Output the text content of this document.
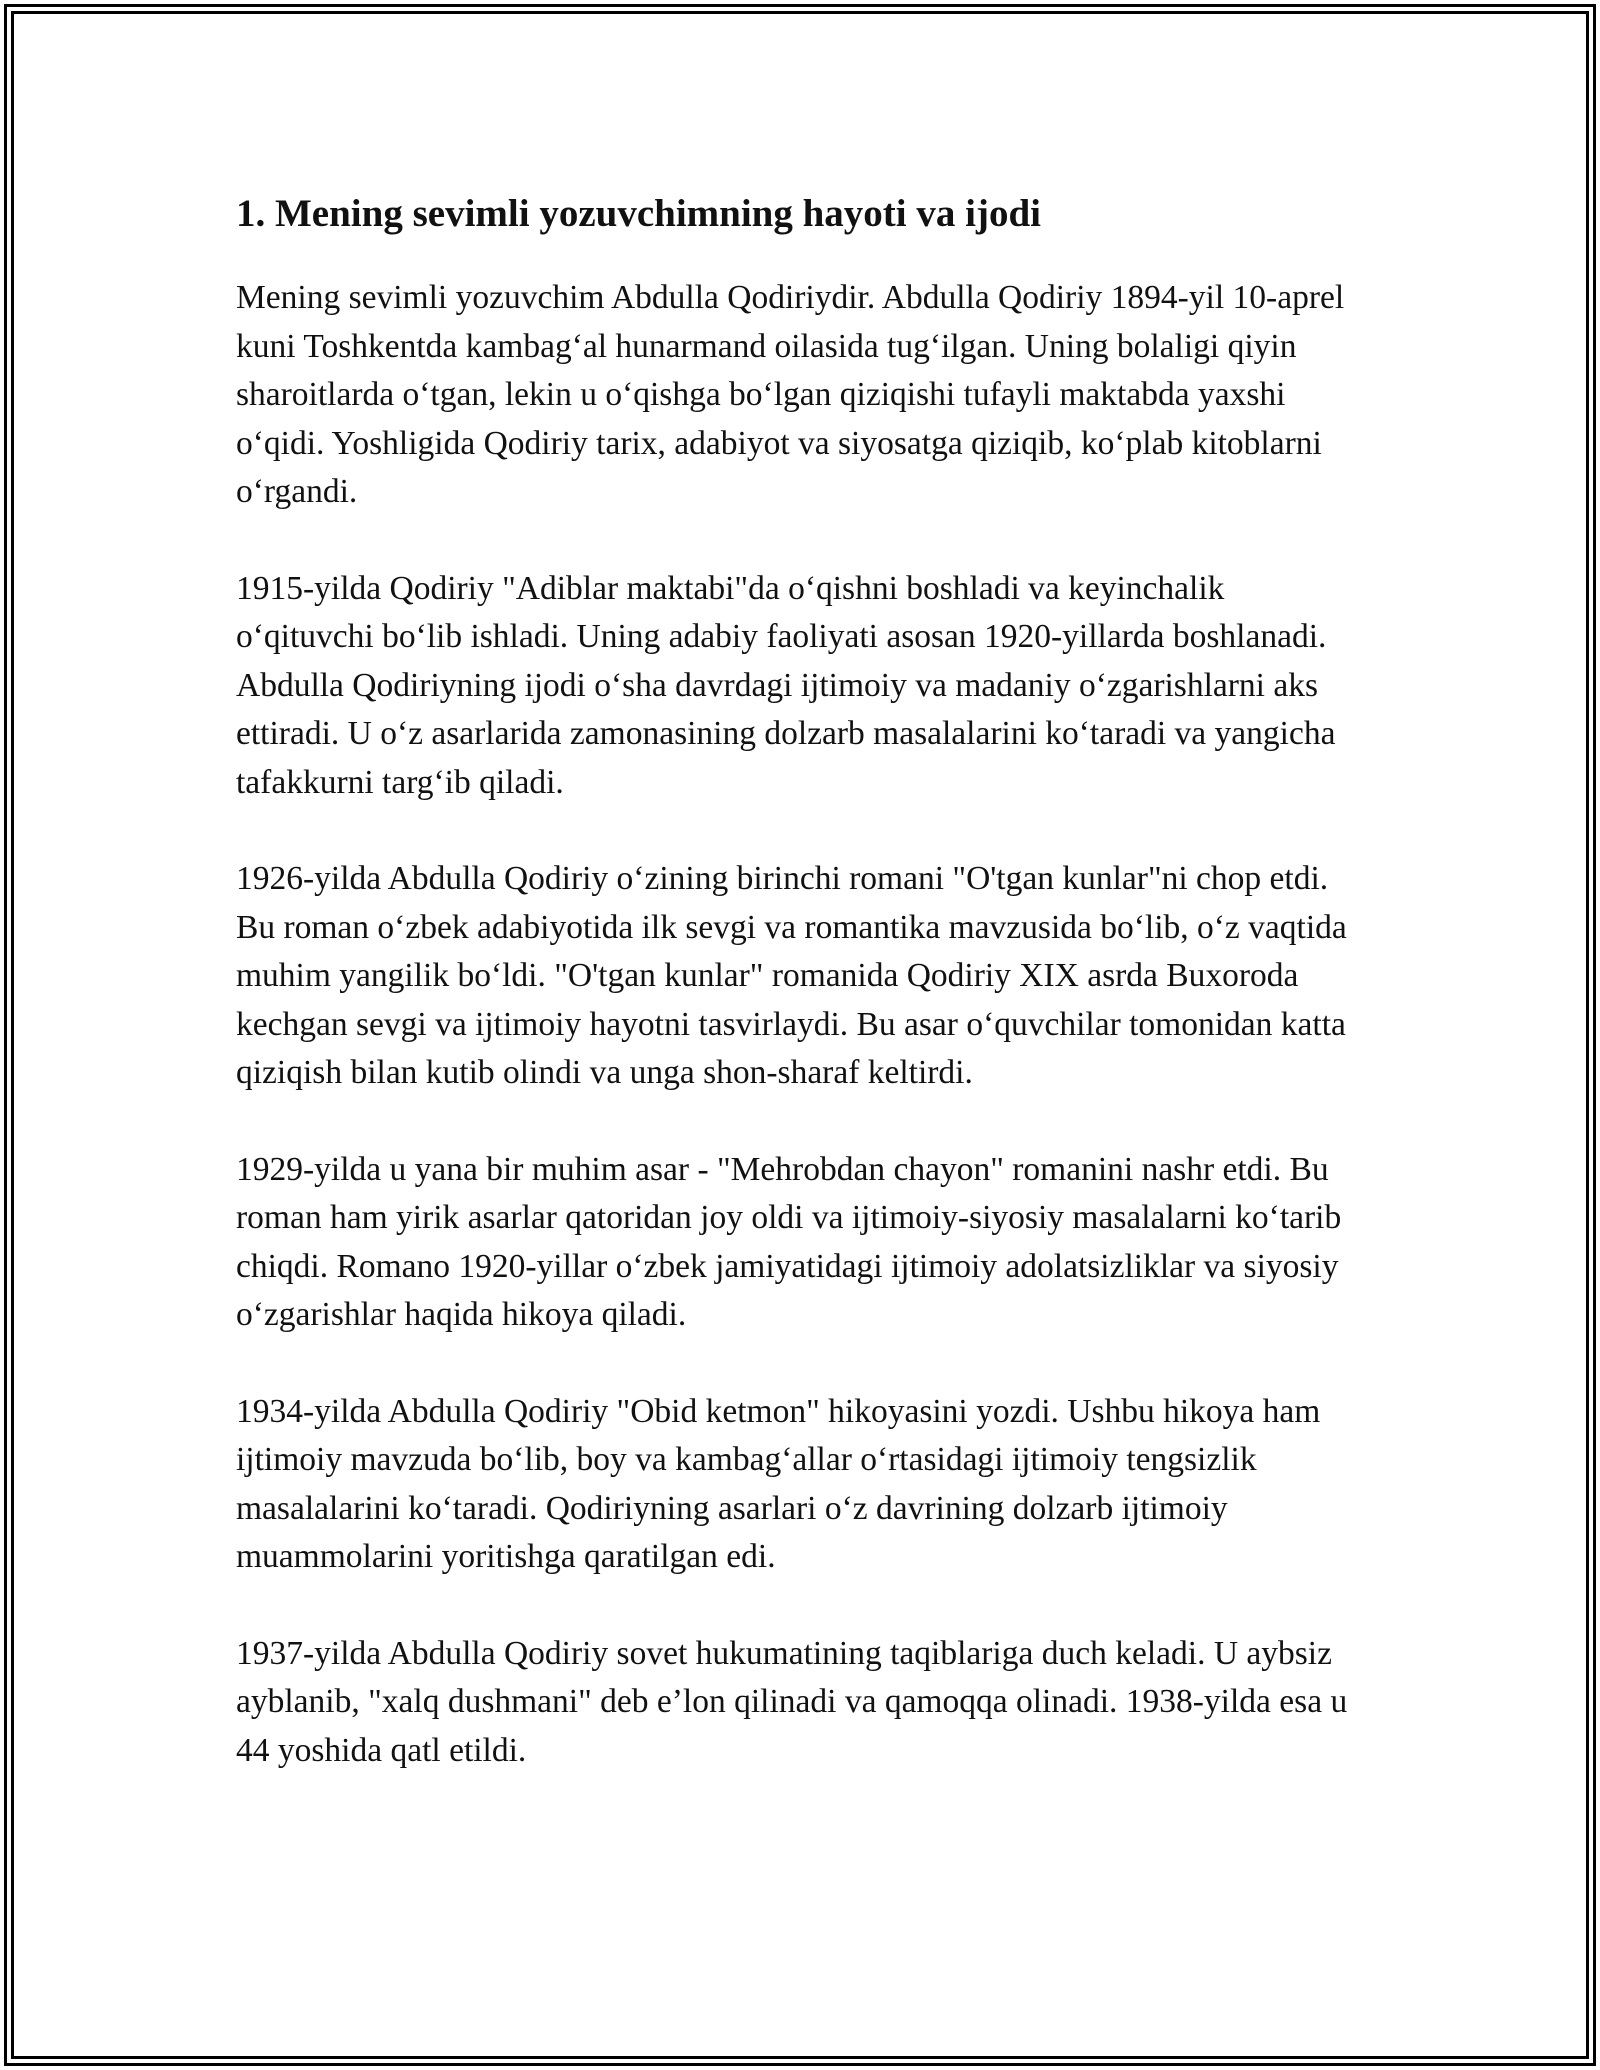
1. Mening sevimli yozuvchimning hayoti va ijodi

Mening sevimli yozuvchim Abdulla Qodiriydir. Abdulla Qodiriy 1894-yil 10-aprel kuni Toshkentda kambag‘al hunarmand oilasida tug‘ilgan. Uning bolaligi qiyin sharoitlarda o‘tgan, lekin u o‘qishga bo‘lgan qiziqishi tufayli maktabda yaxshi o‘qidi. Yoshligida Qodiriy tarix, adabiyot va siyosatga qiziqib, ko‘plab kitoblarni o‘rgandi.

1915-yilda Qodiriy "Adiblar maktabi"da o‘qishni boshladi va keyinchalik o‘qituvchi bo‘lib ishladi. Uning adabiy faoliyati asosan 1920-yillarda boshlanadi. Abdulla Qodiriyning ijodi o‘sha davrdagi ijtimoiy va madaniy o‘zgarishlarni aks ettiradi. U o‘z asarlarida zamonasining dolzarb masalalarini ko‘taradi va yangicha tafakkurni targ‘ib qiladi.

1926-yilda Abdulla Qodiriy o‘zining birinchi romani "O'tgan kunlar"ni chop etdi. Bu roman o‘zbek adabiyotida ilk sevgi va romantika mavzusida bo‘lib, o‘z vaqtida muhim yangilik bo‘ldi. "O'tgan kunlar" romanida Qodiriy XIX asrda Buxoroda kechgan sevgi va ijtimoiy hayotni tasvirlaydi. Bu asar o‘quvchilar tomonidan katta qiziqish bilan kutib olindi va unga shon-sharaf keltirdi.

1929-yilda u yana bir muhim asar - "Mehrobdan chayon" romanini nashr etdi. Bu roman ham yirik asarlar qatoridan joy oldi va ijtimoiy-siyosiy masalalarni ko‘tarib chiqdi. Romano 1920-yillar o‘zbek jamiyatidagi ijtimoiy adolatsizliklar va siyosiy o‘zgarishlar haqida hikoya qiladi.

1934-yilda Abdulla Qodiriy "Obid ketmon" hikoyasini yozdi. Ushbu hikoya ham ijtimoiy mavzuda bo‘lib, boy va kambag‘allar o‘rtasidagi ijtimoiy tengsizlik masalalarini ko‘taradi. Qodiriyning asarlari o‘z davrining dolzarb ijtimoiy muammolarini yoritishga qaratilgan edi.

1937-yilda Abdulla Qodiriy sovet hukumatining taqiblariga duch keladi. U aybsiz ayblanib, "xalq dushmani" deb e’lon qilinadi va qamoqqa olinadi. 1938-yilda esa u 44 yoshida qatl etildi.
